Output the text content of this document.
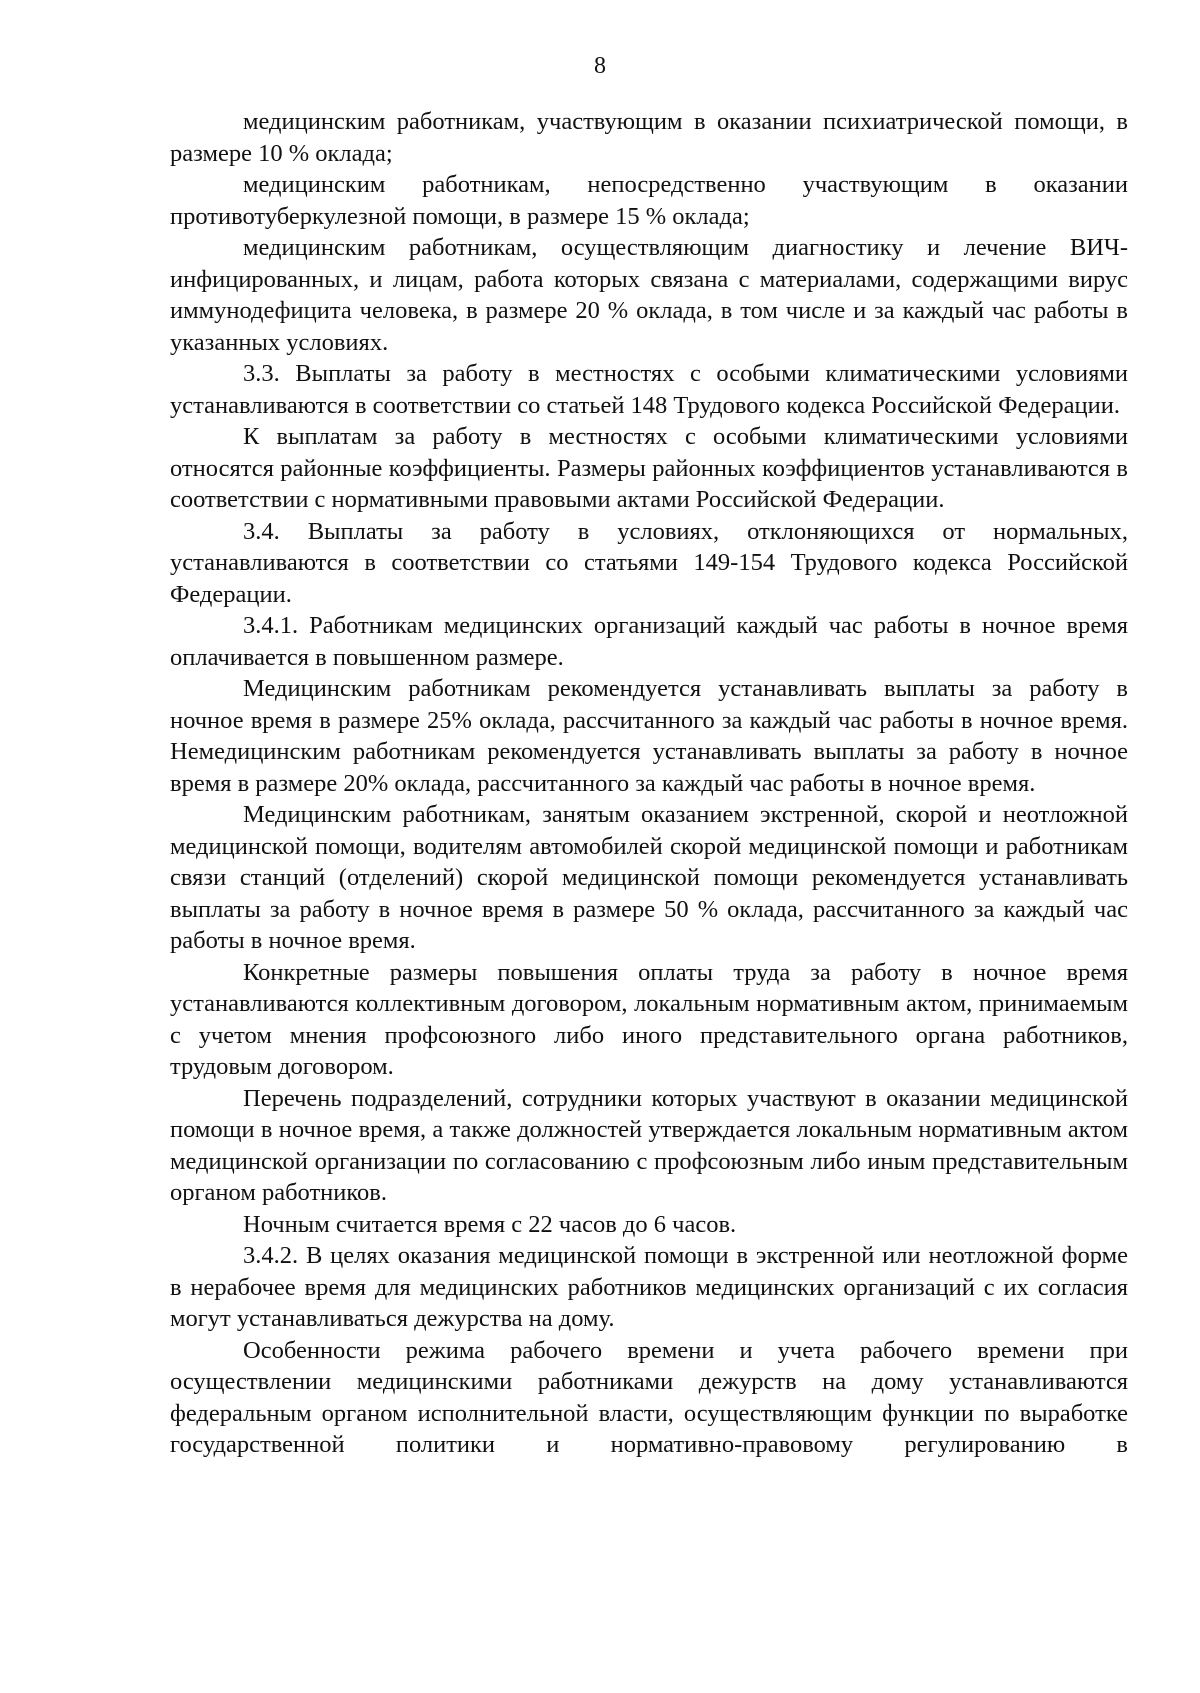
8

медицинским работникам, участвующим в оказании психиатрической помощи, в размере 10 % оклада;

медицинским работникам, непосредственно участвующим в оказании противотуберкулезной помощи, в размере 15 % оклада;

медицинским работникам, осуществляющим диагностику и лечение ВИЧ-инфицированных, и лицам, работа которых связана с материалами, содержащими вирус иммунодефицита человека, в размере 20 % оклада, в том числе и за каждый час работы в указанных условиях.

3.3. Выплаты за работу в местностях с особыми климатическими условиями устанавливаются в соответствии со статьей 148 Трудового кодекса Российской Федерации.

К выплатам за работу в местностях с особыми климатическими условиями относятся районные коэффициенты. Размеры районных коэффициентов устанавливаются в соответствии с нормативными правовыми актами Российской Федерации.

3.4. Выплаты за работу в условиях, отклоняющихся от нормальных, устанавливаются в соответствии со статьями 149-154 Трудового кодекса Российской Федерации.

3.4.1. Работникам медицинских организаций каждый час работы в ночное время оплачивается в повышенном размере.

Медицинским работникам рекомендуется устанавливать выплаты за работу в ночное время в размере 25% оклада, рассчитанного за каждый час работы в ночное время. Немедицинским работникам рекомендуется устанавливать выплаты за работу в ночное время в размере 20% оклада, рассчитанного за каждый час работы в ночное время.

Медицинским работникам, занятым оказанием экстренной, скорой и неотложной медицинской помощи, водителям автомобилей скорой медицинской помощи и работникам связи станций (отделений) скорой медицинской помощи рекомендуется устанавливать выплаты за работу в ночное время в размере 50 % оклада, рассчитанного за каждый час работы в ночное время.

Конкретные размеры повышения оплаты труда за работу в ночное время устанавливаются коллективным договором, локальным нормативным актом, принимаемым с учетом мнения профсоюзного либо иного представительного органа работников, трудовым договором.

Перечень подразделений, сотрудники которых участвуют в оказании медицинской помощи в ночное время, а также должностей утверждается локальным нормативным актом медицинской организации по согласованию с профсоюзным либо иным представительным органом работников.

Ночным считается время с 22 часов до 6 часов.

3.4.2. В целях оказания медицинской помощи в экстренной или неотложной форме в нерабочее время для медицинских работников медицинских организаций с их согласия могут устанавливаться дежурства на дому.

Особенности режима рабочего времени и учета рабочего времени при осуществлении медицинскими работниками дежурств на дому устанавливаются федеральным органом исполнительной власти, осуществляющим функции по выработке государственной политики и нормативно-правовому регулированию в
